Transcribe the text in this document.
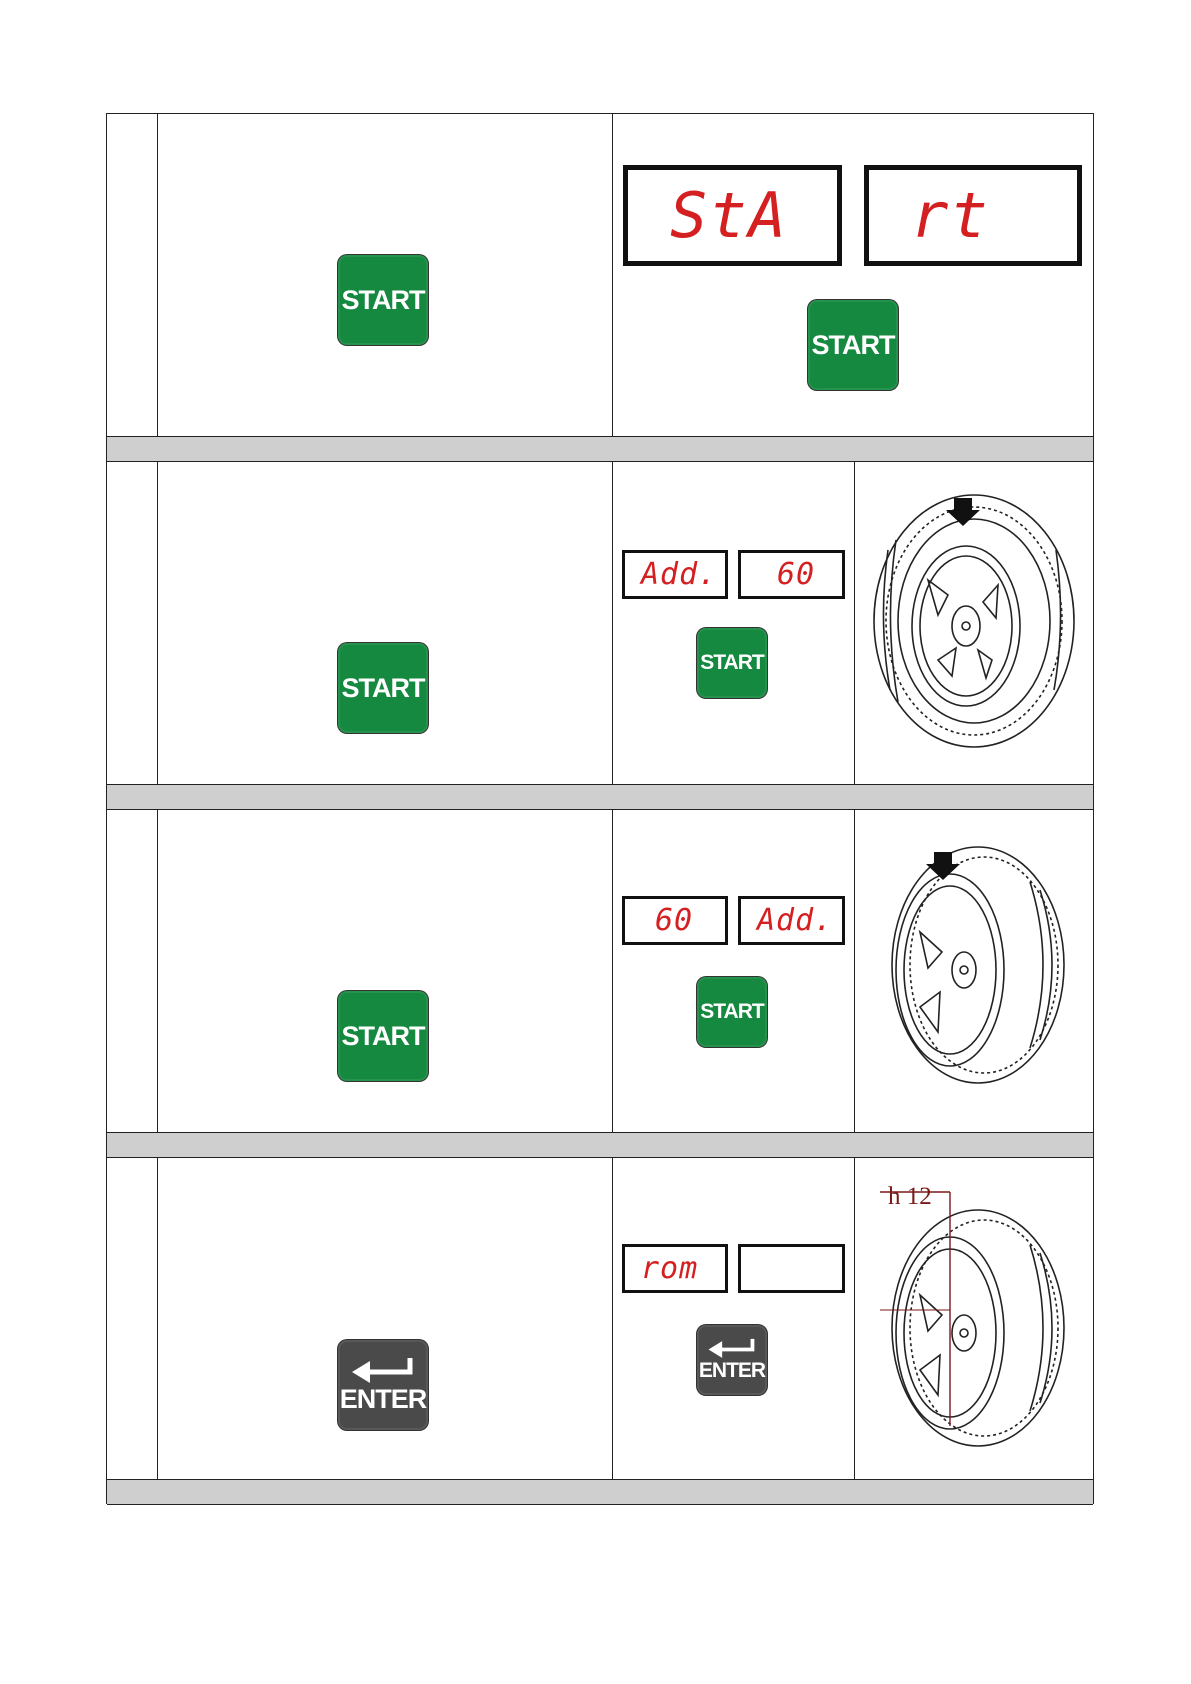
START
StA rt
START
START
Add. 60
START
START
60 Add.
START
ENTER
rom
ENTER
h 12
